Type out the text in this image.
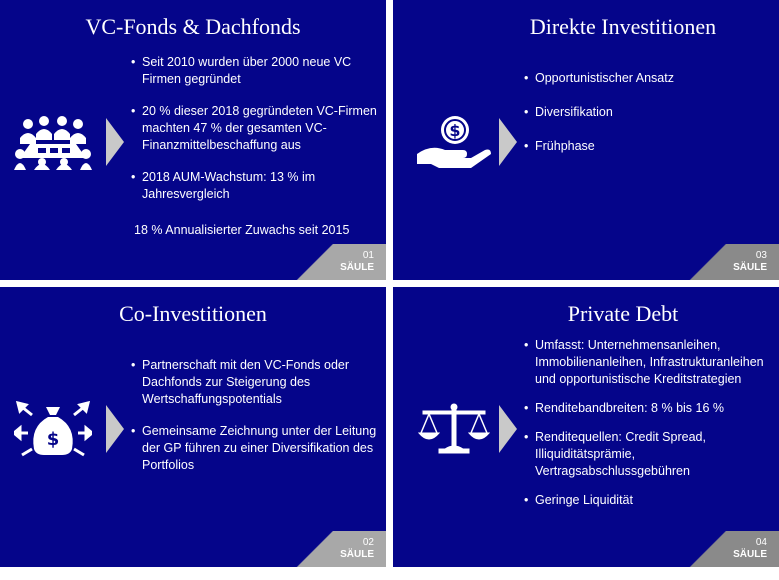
VC-Fonds & Dachfonds
• Seit 2010 wurden über 2000 neue VC Firmen gegründet
• 20 % dieser 2018 gegründeten VC-Firmen machten 47 % der gesamten VC-Finanzmittelbeschaffung aus
• 2018 AUM-Wachstum: 13 % im Jahresvergleich
18 % Annualisierter Zuwachs seit 2015
01
SÄULE
Direkte Investitionen
$
• Opportunistischer Ansatz
• Diversifikation
• Frühphase
03
SÄULE
Co-Investitionen
$
• Partnerschaft mit den VC-Fonds oder Dachfonds zur Steigerung des Wertschaffungspotentials
• Gemeinsame Zeichnung unter der Leitung der GP führen zu einer Diversifikation des Portfolios
02
SÄULE
Private Debt
• Umfasst: Unternehmensanleihen, Immobilienanleihen, Infrastrukturanleihen und opportunistische Kreditstrategien
• Renditebandbreiten: 8 % bis 16 %
• Renditequellen: Credit Spread, Illiquiditätsprämie, Vertragsabschlussgebühren
• Geringe Liquidität
04
SÄULE
